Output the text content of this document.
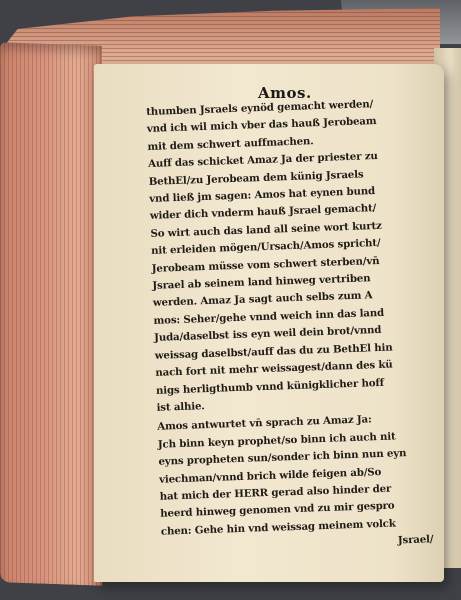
Amos.
thumben Jsraels eynöd gemacht werden/
vnd ich wil mich vber das hauß Jerobeam
mit dem schwert auffmachen.
Auff das schicket Amaz Ja der priester zu
BethEl/zu Jerobeam dem künig Jsraels
vnd ließ jm sagen: Amos hat eynen bund
wider dich vnderm hauß Jsrael gemacht/
So wirt auch das land all seine wort kurtz
nit erleiden mögen/Ursach/Amos spricht/
Jerobeam müsse vom schwert sterben/vn̄
Jsrael ab seinem land hinweg vertriben
werden. Amaz Ja sagt auch selbs zum A
mos: Seher/gehe vnnd weich inn das land
Juda/daselbst iss eyn weil dein brot/vnnd
weissag daselbst/auff das du zu BethEl hin
nach fort nit mehr weissagest/dann des kü
nigs herligthumb vnnd künigklicher hoff
ist alhie.
Amos antwurtet vn̄ sprach zu Amaz Ja:
Jch binn keyn prophet/so binn ich auch nit
eyns propheten sun/sonder ich binn nun eyn
viechman/vnnd brich wilde feigen ab/So
hat mich der HERR gerad also hinder der
heerd hinweg genomen vnd zu mir gespro
chen: Gehe hin vnd weissag meinem volck
Jsrael/
